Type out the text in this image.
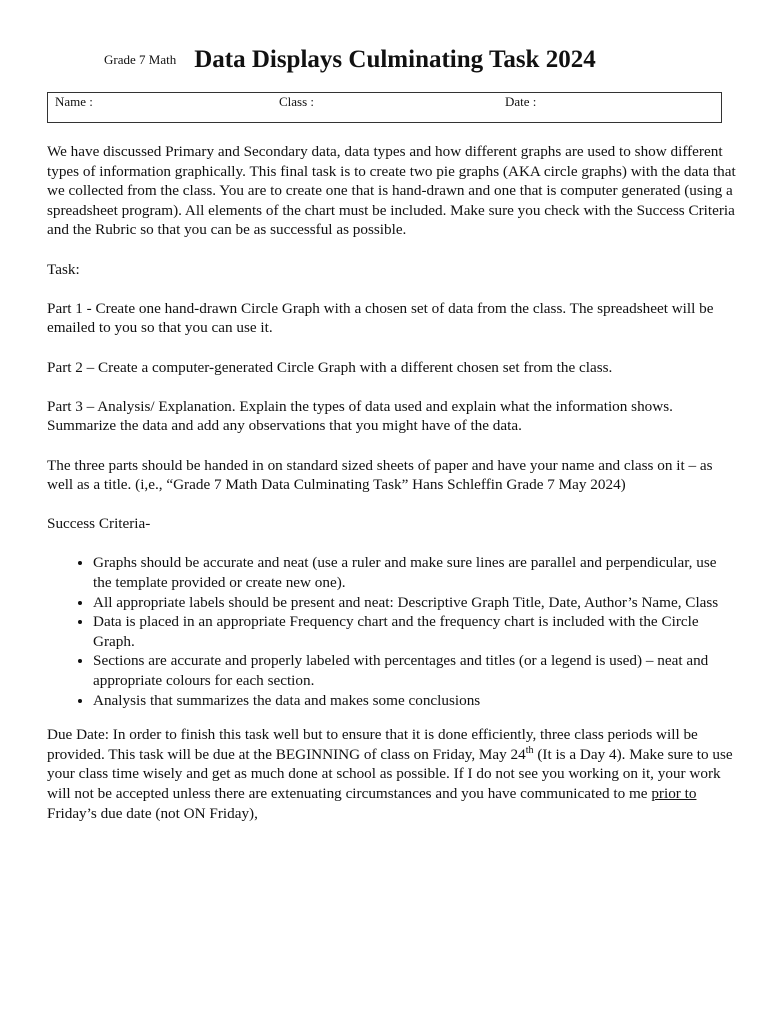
Grade 7 Math Data Displays Culminating Task 2024
Name :	Class :	Date :

We have discussed Primary and Secondary data, data types and how different graphs are used to show different types of information graphically. This final task is to create two pie graphs (AKA circle graphs) with the data that we collected from the class. You are to create one that is hand-drawn and one that is computer generated (using a spreadsheet program). All elements of the chart must be included. Make sure you check with the Success Criteria and the Rubric so that you can be as successful as possible.

Task:

Part 1 - Create one hand-drawn Circle Graph with a chosen set of data from the class. The spreadsheet will be emailed to you so that you can use it.

Part 2 – Create a computer-generated Circle Graph with a different chosen set from the class.

Part 3 – Analysis/ Explanation. Explain the types of data used and explain what the information shows. Summarize the data and add any observations that you might have of the data.

The three parts should be handed in on standard sized sheets of paper and have your name and class on it – as well as a title. (i,e., “Grade 7 Math Data Culminating Task” Hans Schleffin Grade 7 May 2024)

Success Criteria-

• Graphs should be accurate and neat (use a ruler and make sure lines are parallel and perpendicular, use the template provided or create new one).
• All appropriate labels should be present and neat: Descriptive Graph Title, Date, Author’s Name, Class
• Data is placed in an appropriate Frequency chart and the frequency chart is included with the Circle Graph.
• Sections are accurate and properly labeled with percentages and titles (or a legend is used) – neat and appropriate colours for each section.
• Analysis that summarizes the data and makes some conclusions

Due Date: In order to finish this task well but to ensure that it is done efficiently, three class periods will be provided. This task will be due at the BEGINNING of class on Friday, May 24th (It is a Day 4). Make sure to use your class time wisely and get as much done at school as possible. If I do not see you working on it, your work will not be accepted unless there are extenuating circumstances and you have communicated to me prior to Friday’s due date (not ON Friday),
